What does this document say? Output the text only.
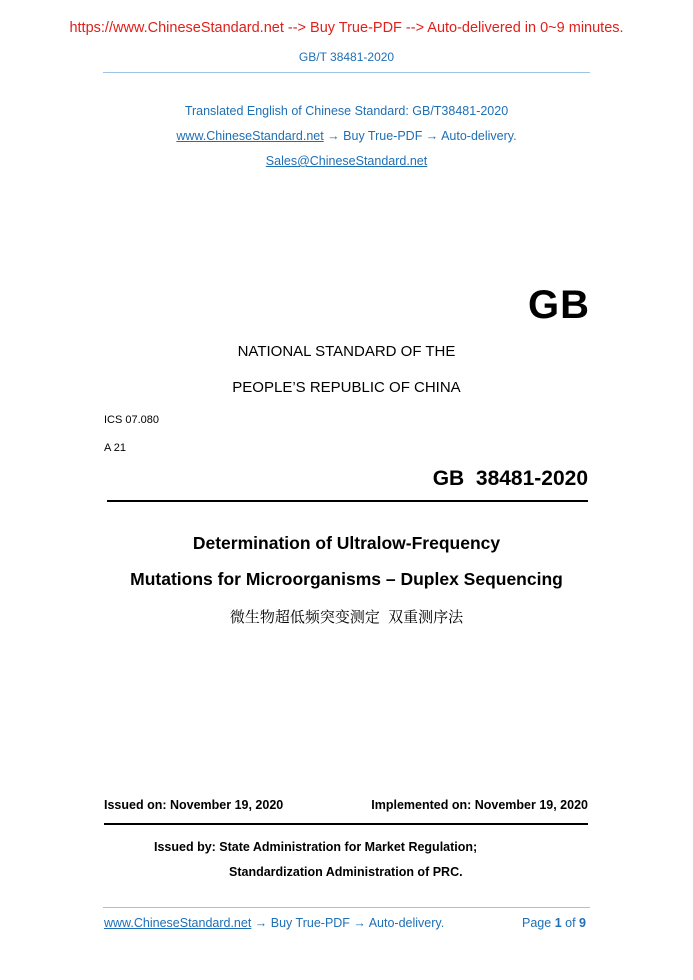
https://www.ChineseStandard.net --> Buy True-PDF --> Auto-delivered in 0~9 minutes.
GB/T 38481-2020
Translated English of Chinese Standard: GB/T38481-2020
www.ChineseStandard.net → Buy True-PDF → Auto-delivery.
Sales@ChineseStandard.net
GB
NATIONAL STANDARD OF THE
PEOPLE’S REPUBLIC OF CHINA
ICS 07.080
A 21
GB  38481-2020
Determination of Ultralow-Frequency
Mutations for Microorganisms – Duplex Sequencing
微生物超低频突变测定  双重测序法
Issued on: November 19, 2020	Implemented on: November 19, 2020
Issued by: State Administration for Market Regulation;
Standardization Administration of PRC.
www.ChineseStandard.net → Buy True-PDF → Auto-delivery.	Page 1 of 9
